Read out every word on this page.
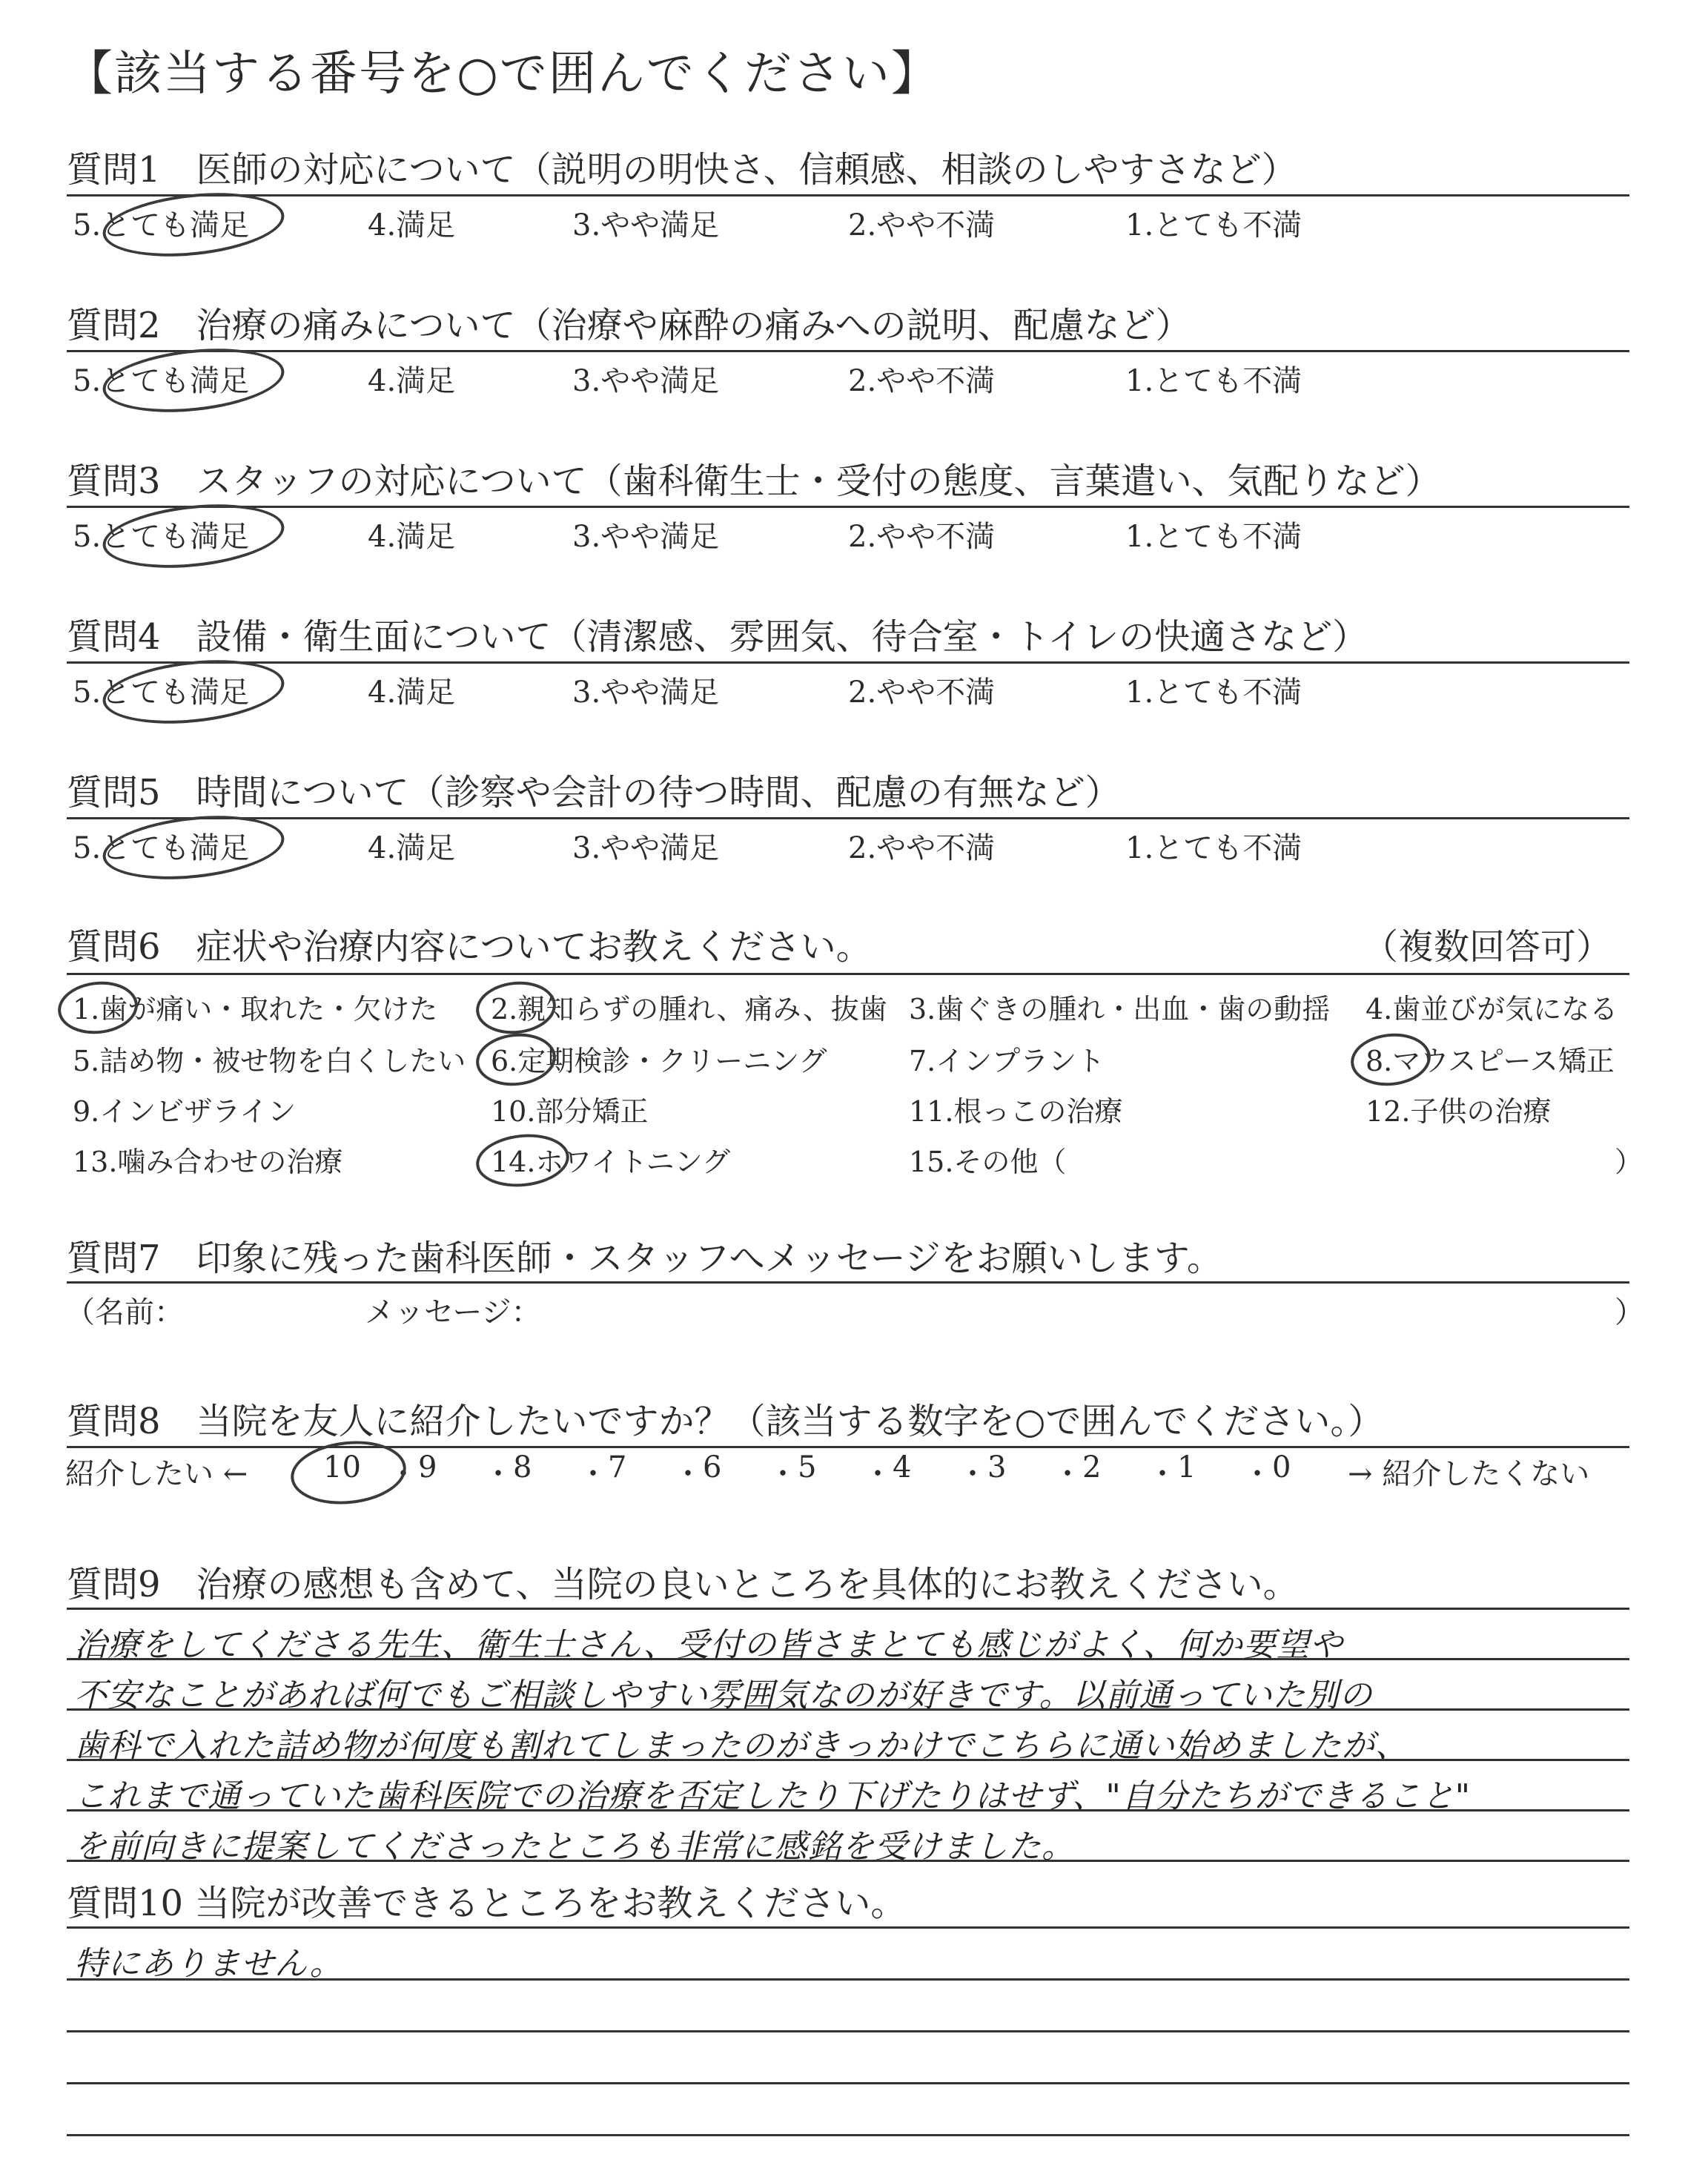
【該当する番号を○で囲んでください】
質問1　医師の対応について（説明の明快さ、信頼感、相談のしやすさなど）
5.とても満足	4.満足	3.やや満足	2.やや不満	1.とても不満
質問2　治療の痛みについて（治療や麻酔の痛みへの説明、配慮など）
5.とても満足	4.満足	3.やや満足	2.やや不満	1.とても不満
質問3　スタッフの対応について（歯科衛生士・受付の態度、言葉遣い、気配りなど）
5.とても満足	4.満足	3.やや満足	2.やや不満	1.とても不満
質問4　設備・衛生面について（清潔感、雰囲気、待合室・トイレの快適さなど）
5.とても満足	4.満足	3.やや満足	2.やや不満	1.とても不満
質問5　時間について（診察や会計の待つ時間、配慮の有無など）
5.とても満足	4.満足	3.やや満足	2.やや不満	1.とても不満
質問6　症状や治療内容についてお教えください。	（複数回答可）
1.歯が痛い・取れた・欠けた 2.親知らずの腫れ、痛み、抜歯 3.歯ぐきの腫れ・出血・歯の動揺 4.歯並びが気になる
5.詰め物・被せ物を白くしたい 6.定期検診・クリーニング	7.インプラント	8.マウスピース矯正
9.インビザライン	10.部分矯正	11.根っこの治療	12.子供の治療
13.噛み合わせの治療	14.ホワイトニング	15.その他（	）
質問7　印象に残った歯科医師・スタッフへメッセージをお願いします。
（名前：	メッセージ：	）
質問8　当院を友人に紹介したいですか？（該当する数字を○で囲んでください。）
紹介したい ←	10 ・ 9 ・ 8 ・ 7 ・ 6 ・ 5 ・ 4 ・ 3 ・ 2 ・ 1 ・ 0 → 紹介したくない
質問9　治療の感想も含めて、当院の良いところを具体的にお教えください。
治療をしてくださる先生、衛生士さん、受付の皆さまとても感じがよく、何か要望や
不安なことがあれば何でもご相談しやすい雰囲気なのが好きです。以前通っていた別の
歯科で入れた詰め物が何度も割れてしまったのがきっかけでこちらに通い始めましたが、
これまで通っていた歯科医院での治療を否定したり下げたりはせず、"自分たちができること"
を前向きに提案してくださったところも非常に感銘を受けました。
質問10 当院が改善できるところをお教えください。
特にありません。
